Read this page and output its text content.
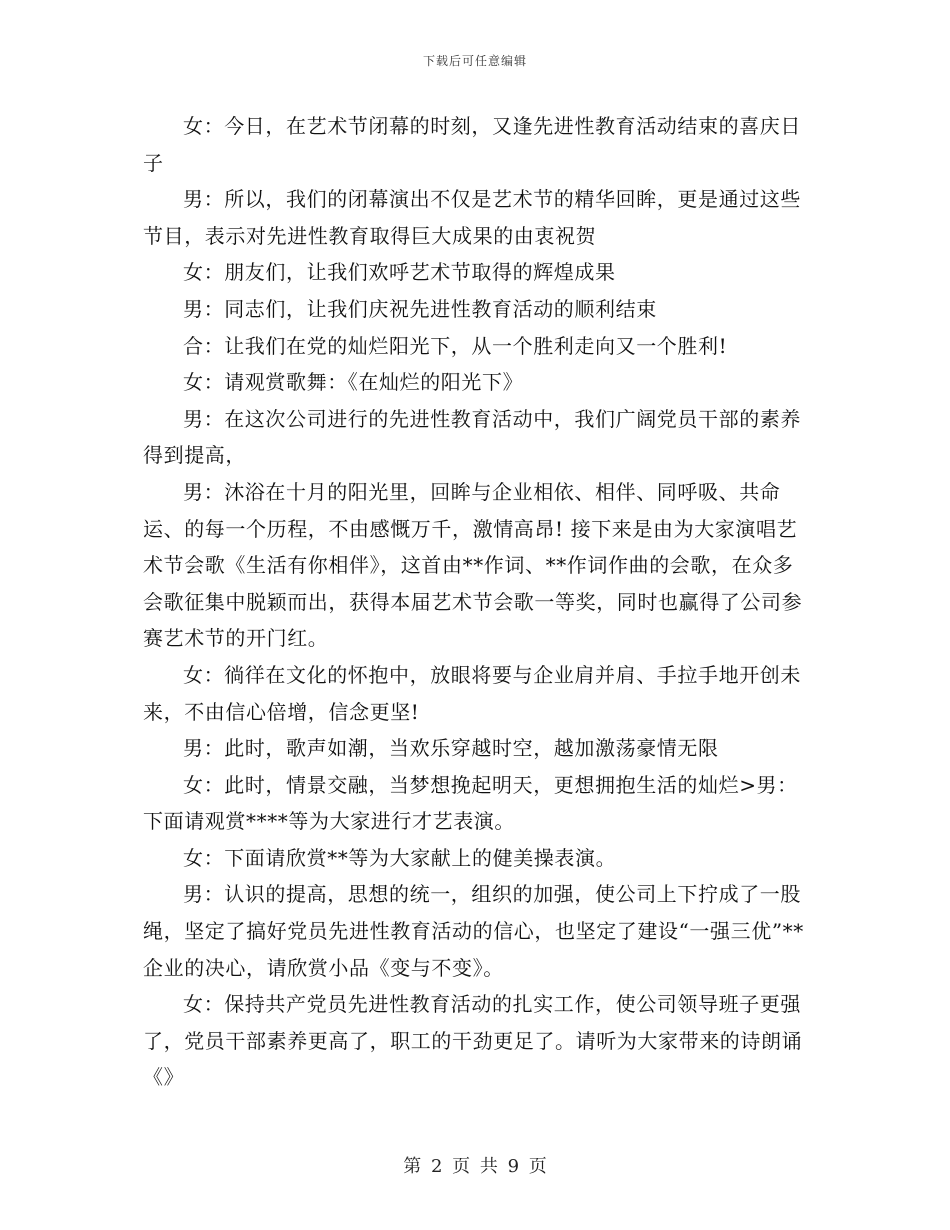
下载后可任意编辑

女：今日，在艺术节闭幕的时刻，又逢先进性教育活动结束的喜庆日子

男：所以，我们的闭幕演出不仅是艺术节的精华回眸，更是通过这些节目，表示对先进性教育取得巨大成果的由衷祝贺

女：朋友们，让我们欢呼艺术节取得的辉煌成果

男：同志们，让我们庆祝先进性教育活动的顺利结束

合：让我们在党的灿烂阳光下，从一个胜利走向又一个胜利!

女：请观赏歌舞：《在灿烂的阳光下》

男：在这次公司进行的先进性教育活动中，我们广阔党员干部的素养得到提高，

男：沐浴在十月的阳光里，回眸与企业相依、相伴、同呼吸、共命运、的每一个历程，不由感慨万千，激情高昂! 接下来是由为大家演唱艺术节会歌《生活有你相伴》，这首由**作词、**作词作曲的会歌，在众多会歌征集中脱颖而出，获得本届艺术节会歌一等奖，同时也赢得了公司参赛艺术节的开门红。

女：徜徉在文化的怀抱中，放眼将要与企业肩并肩、手拉手地开创未来，不由信心倍增，信念更坚!

男：此时，歌声如潮，当欢乐穿越时空，越加激荡豪情无限

女：此时，情景交融，当梦想挽起明天，更想拥抱生活的灿烂>男：下面请观赏****等为大家进行才艺表演。

女：下面请欣赏**等为大家献上的健美操表演。

男：认识的提高，思想的统一，组织的加强，使公司上下拧成了一股绳，坚定了搞好党员先进性教育活动的信心，也坚定了建设“一强三优”**企业的决心，请欣赏小品《变与不变》。

女：保持共产党员先进性教育活动的扎实工作，使公司领导班子更强了，党员干部素养更高了，职工的干劲更足了。请听为大家带来的诗朗诵《》

第 2 页 共 9 页
